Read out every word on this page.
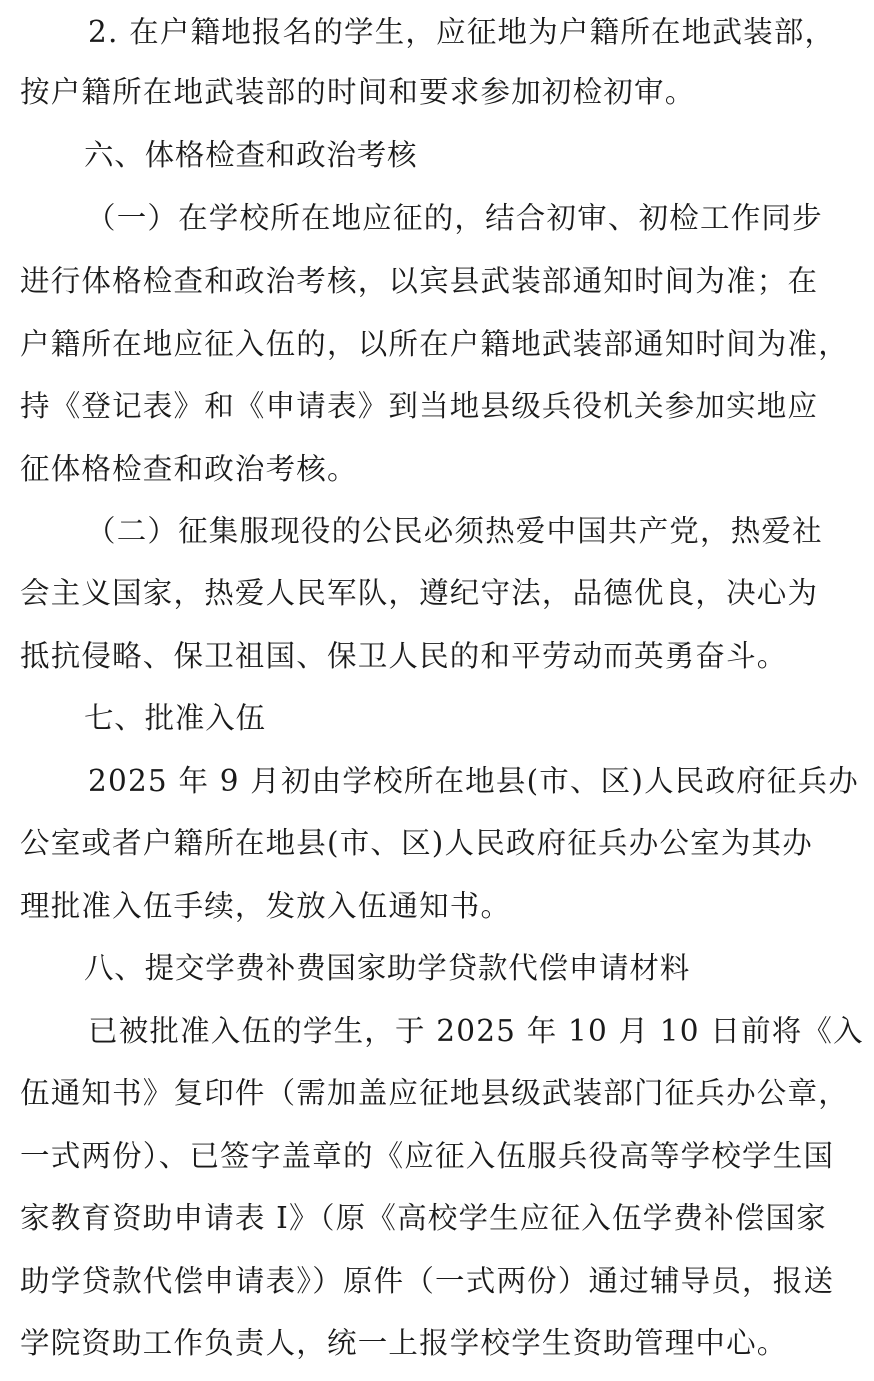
2. 在户籍地报名的学生，应征地为户籍所在地武装部，
按户籍所在地武装部的时间和要求参加初检初审。
六、体格检查和政治考核
（一）在学校所在地应征的，结合初审、初检工作同步
进行体格检查和政治考核，以宾县武装部通知时间为准；在
户籍所在地应征入伍的，以所在户籍地武装部通知时间为准，
持《登记表》和《申请表》到当地县级兵役机关参加实地应
征体格检查和政治考核。
（二）征集服现役的公民必须热爱中国共产党，热爱社
会主义国家，热爱人民军队，遵纪守法，品德优良，决心为
抵抗侵略、保卫祖国、保卫人民的和平劳动而英勇奋斗。
七、批准入伍
2025 年 9 月初由学校所在地县(市、区)人民政府征兵办
公室或者户籍所在地县(市、区)人民政府征兵办公室为其办
理批准入伍手续，发放入伍通知书。
八、提交学费补费国家助学贷款代偿申请材料
已被批准入伍的学生，于 2025 年 10 月 10 日前将《入
伍通知书》复印件（需加盖应征地县级武装部门征兵办公章，
一式两份）、已签字盖章的《应征入伍服兵役高等学校学生国
家教育资助申请表 I》（原《高校学生应征入伍学费补偿国家
助学贷款代偿申请表》）原件（一式两份）通过辅导员，报送
学院资助工作负责人，统一上报学校学生资助管理中心。
